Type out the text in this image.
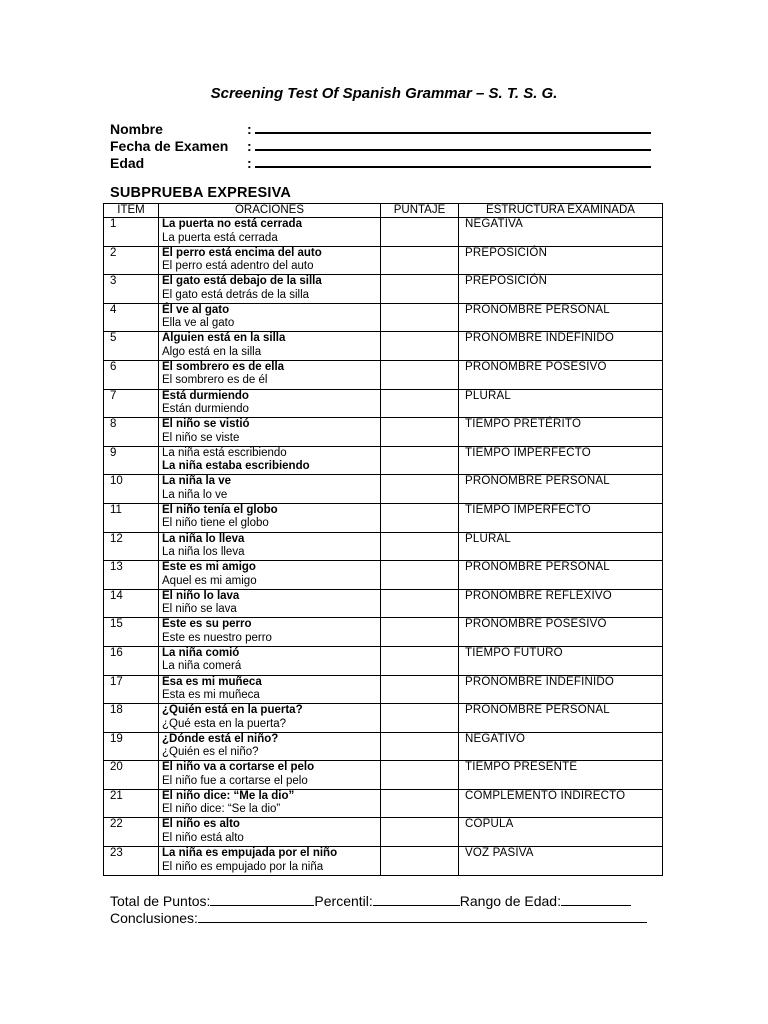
Screening Test Of Spanish Grammar – S. T. S. G.
Nombre	:
Fecha de Examen :
Edad	:
SUBPRUEBA EXPRESIVA
ITEM	ORACIONES	PUNTAJE	ESTRUCTURA EXAMINADA
1	La puerta no está cerrada
La puerta está cerrada		NEGATIVA
2	El perro está encima del auto
El perro está adentro del auto		PREPOSICIÓN
3	El gato está debajo de la silla
El gato está detrás de la silla		PREPOSICIÓN
4	Él ve al gato
Ella ve al gato		PRONOMBRE PERSONAL
5	Alguien está en la silla
Algo está en la silla		PRONOMBRE INDEFINIDO
6	El sombrero es de ella
El sombrero es de él		PRONOMBRE POSESIVO
7	Está durmiendo
Están durmiendo		PLURAL
8	El niño se vistió
El niño se viste		TIEMPO PRETÉRITO
9	La niña está escribiendo
La niña estaba escribiendo		TIEMPO IMPERFECTO
10	La niña la ve
La niña lo ve		PRONOMBRE PERSONAL
11	El niño tenía el globo
El niño tiene el globo		TIEMPO IMPERFECTO
12	La niña lo lleva
La niña los lleva		PLURAL
13	Este es mi amigo
Aquel es mi amigo		PRONOMBRE PERSONAL
14	El niño lo lava
El niño se lava		PRONOMBRE REFLEXIVO
15	Este es su perro
Este es nuestro perro		PRONOMBRE POSESIVO
16	La niña comió
La niña comerá		TIEMPO FUTURO
17	Esa es mi muñeca
Esta es mi muñeca		PRONOMBRE INDEFINIDO
18	¿Quién está en la puerta?
¿Qué esta en la puerta?		PRONOMBRE PERSONAL
19	¿Dónde está el niño?
¿Quién es el niño?		NEGATIVO
20	El niño va a cortarse el pelo
El niño fue a cortarse el pelo		TIEMPO PRESENTE
21	El niño dice: “Me la dio”
El niño dice: “Se la dio”		COMPLEMENTO INDIRECTO
22	El niño es alto
El niño está alto		COPULA
23	La niña es empujada por el niño
El niño es empujado por la niña		VOZ PASIVA
Total de Puntos:	Percentil:	Rango de Edad:
Conclusiones:
